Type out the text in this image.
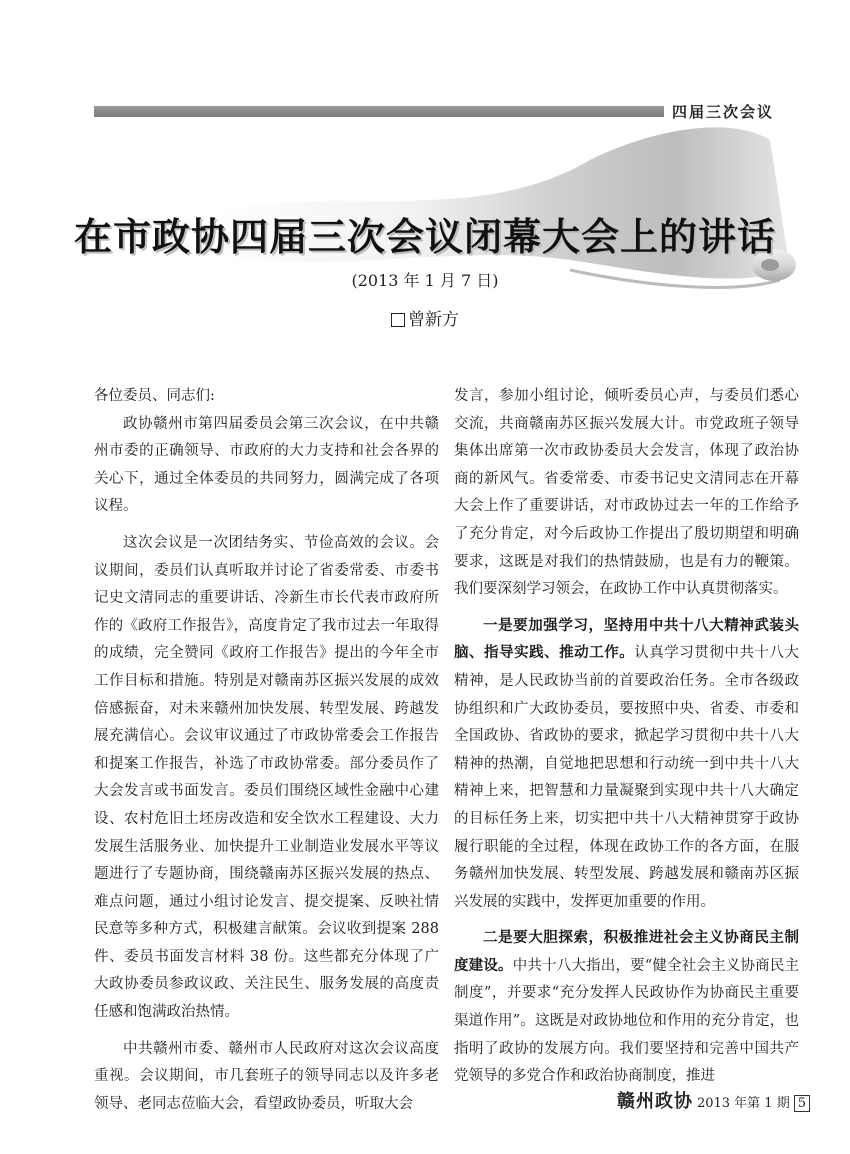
四届三次会议
在市政协四届三次会议闭幕大会上的讲话
(2013 年 1 月 7 日)
曾新方

各位委员、同志们:

政协赣州市第四届委员会第三次会议，在中共赣州市委的正确领导、市政府的大力支持和社会各界的关心下，通过全体委员的共同努力，圆满完成了各项议程。

这次会议是一次团结务实、节俭高效的会议。会议期间，委员们认真听取并讨论了省委常委、市委书记史文清同志的重要讲话、冷新生市长代表市政府所作的《政府工作报告》，高度肯定了我市过去一年取得的成绩，完全赞同《政府工作报告》提出的今年全市工作目标和措施。特别是对赣南苏区振兴发展的成效倍感振奋，对未来赣州加快发展、转型发展、跨越发展充满信心。会议审议通过了市政协常委会工作报告和提案工作报告，补选了市政协常委。部分委员作了大会发言或书面发言。委员们围绕区域性金融中心建设、农村危旧土坯房改造和安全饮水工程建设、大力发展生活服务业、加快提升工业制造业发展水平等议题进行了专题协商，围绕赣南苏区振兴发展的热点、难点问题，通过小组讨论发言、提交提案、反映社情民意等多种方式，积极建言献策。会议收到提案 288 件、委员书面发言材料 38 份。这些都充分体现了广大政协委员参政议政、关注民生、服务发展的高度责任感和饱满政治热情。

中共赣州市委、赣州市人民政府对这次会议高度重视。会议期间，市几套班子的领导同志以及许多老领导、老同志莅临大会，看望政协委员，听取大会

发言，参加小组讨论，倾听委员心声，与委员们悉心交流，共商赣南苏区振兴发展大计。市党政班子领导集体出席第一次市政协委员大会发言，体现了政治协商的新风气。省委常委、市委书记史文清同志在开幕大会上作了重要讲话，对市政协过去一年的工作给予了充分肯定，对今后政协工作提出了殷切期望和明确要求，这既是对我们的热情鼓励，也是有力的鞭策。我们要深刻学习领会，在政协工作中认真贯彻落实。

一是要加强学习，坚持用中共十八大精神武装头脑、指导实践、推动工作。认真学习贯彻中共十八大精神，是人民政协当前的首要政治任务。全市各级政协组织和广大政协委员，要按照中央、省委、市委和全国政协、省政协的要求，掀起学习贯彻中共十八大精神的热潮，自觉地把思想和行动统一到中共十八大精神上来，把智慧和力量凝聚到实现中共十八大确定的目标任务上来，切实把中共十八大精神贯穿于政协履行职能的全过程，体现在政协工作的各方面，在服务赣州加快发展、转型发展、跨越发展和赣南苏区振兴发展的实践中，发挥更加重要的作用。

二是要大胆探索，积极推进社会主义协商民主制度建设。中共十八大指出，要“健全社会主义协商民主制度”，并要求“充分发挥人民政协作为协商民主重要渠道作用”。这既是对政协地位和作用的充分肯定，也指明了政协的发展方向。我们要坚持和完善中国共产党领导的多党合作和政治协商制度，推进

赣州政协 2013 年第 1 期 5
